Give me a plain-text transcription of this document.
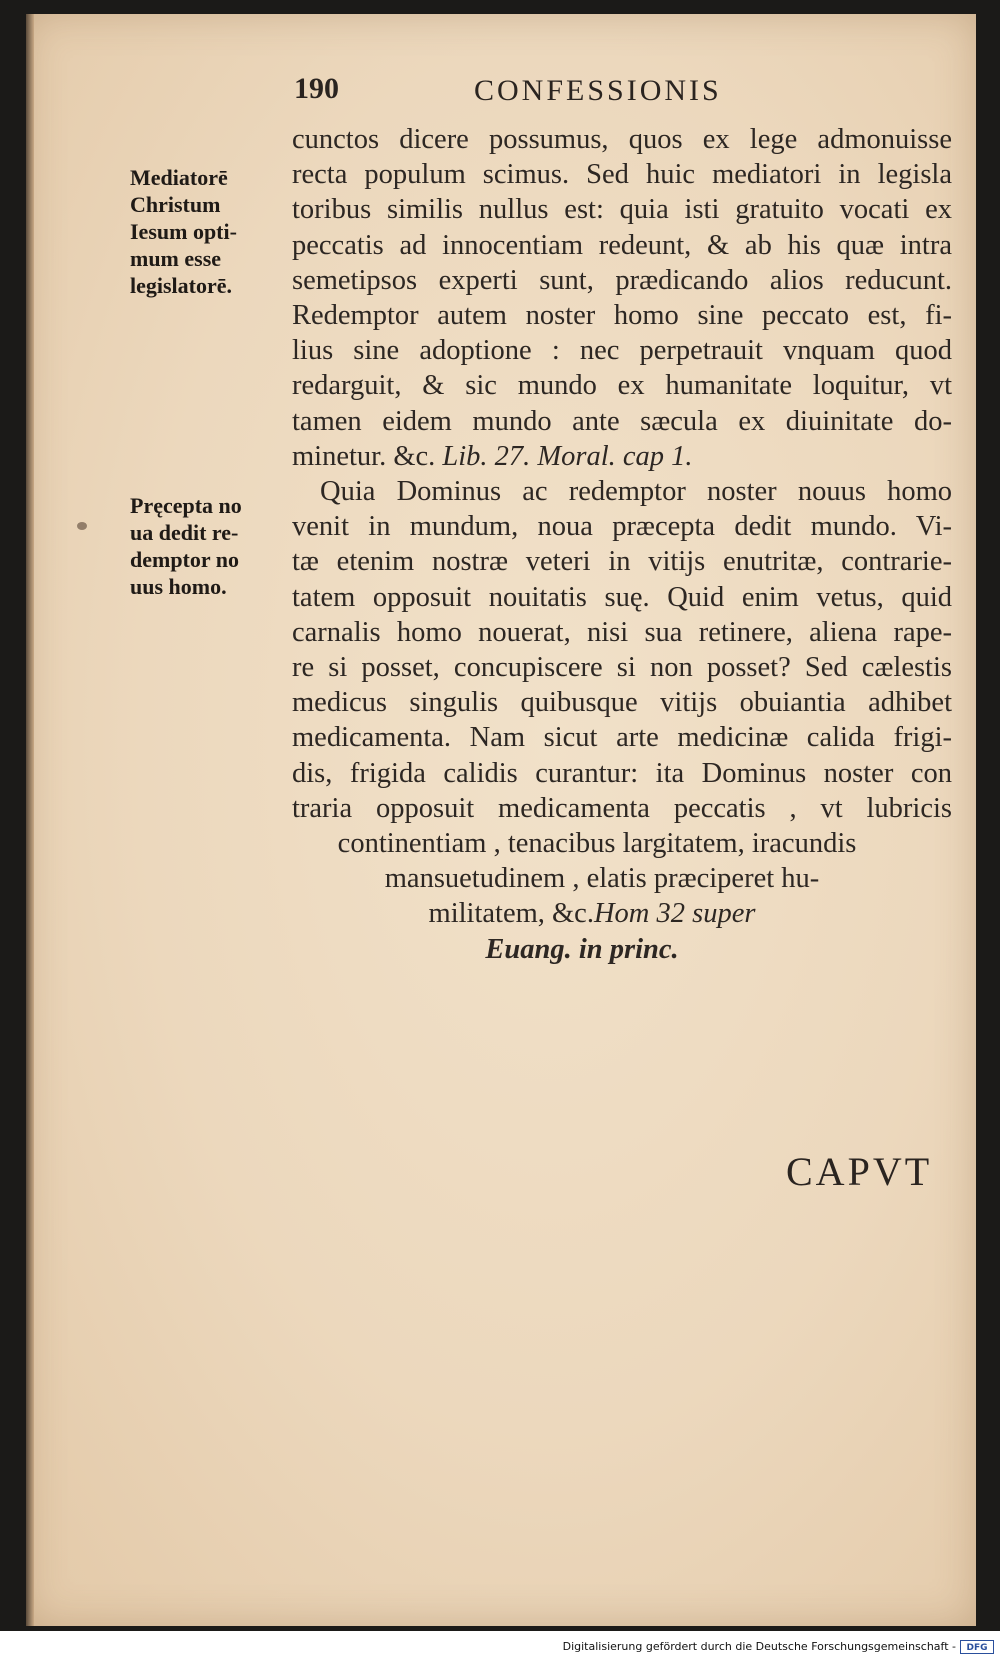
190	CONFESSIONIS
Mediatorē
Christum
Iesum opti-
mum esse
legislatorē.
Pręcepta no
ua dedit re-
demptor no
uus homo.
cunctos dicere possumus, quos ex lege admonuisse
recta populum scimus. Sed huic mediatori in legisla
toribus similis nullus est: quia isti gratuito vocati ex
peccatis ad innocentiam redeunt, & ab his quæ intra
semetipsos experti sunt, prædicando alios reducunt.
Redemptor autem noster homo sine peccato est, fi-
lius sine adoptione : nec perpetrauit vnquam quod
redarguit, & sic mundo ex humanitate loquitur, vt
tamen eidem mundo ante sæcula ex diuinitate do-
minetur. &c. Lib. 27. Moral. cap 1.
Quia Dominus ac redemptor noster nouus homo
venit in mundum, noua præcepta dedit mundo. Vi-
tæ etenim nostræ veteri in vitijs enutritæ, contrarie-
tatem opposuit nouitatis suę. Quid enim vetus, quid
carnalis homo nouerat, nisi sua retinere, aliena rape-
re si posset, concupiscere si non posset? Sed cælestis
medicus singulis quibusque vitijs obuiantia adhibet
medicamenta. Nam sicut arte medicinæ calida frigi-
dis, frigida calidis curantur: ita Dominus noster con
traria opposuit medicamenta peccatis , vt lubricis
continentiam , tenacibus largitatem, iracundis
mansuetudinem , elatis præciperet hu-
militatem, &c.Hom 32 super
Euang. in princ.
CAPVT
Digitalisierung gefördert durch die Deutsche Forschungsgemeinschaft -	DFG
